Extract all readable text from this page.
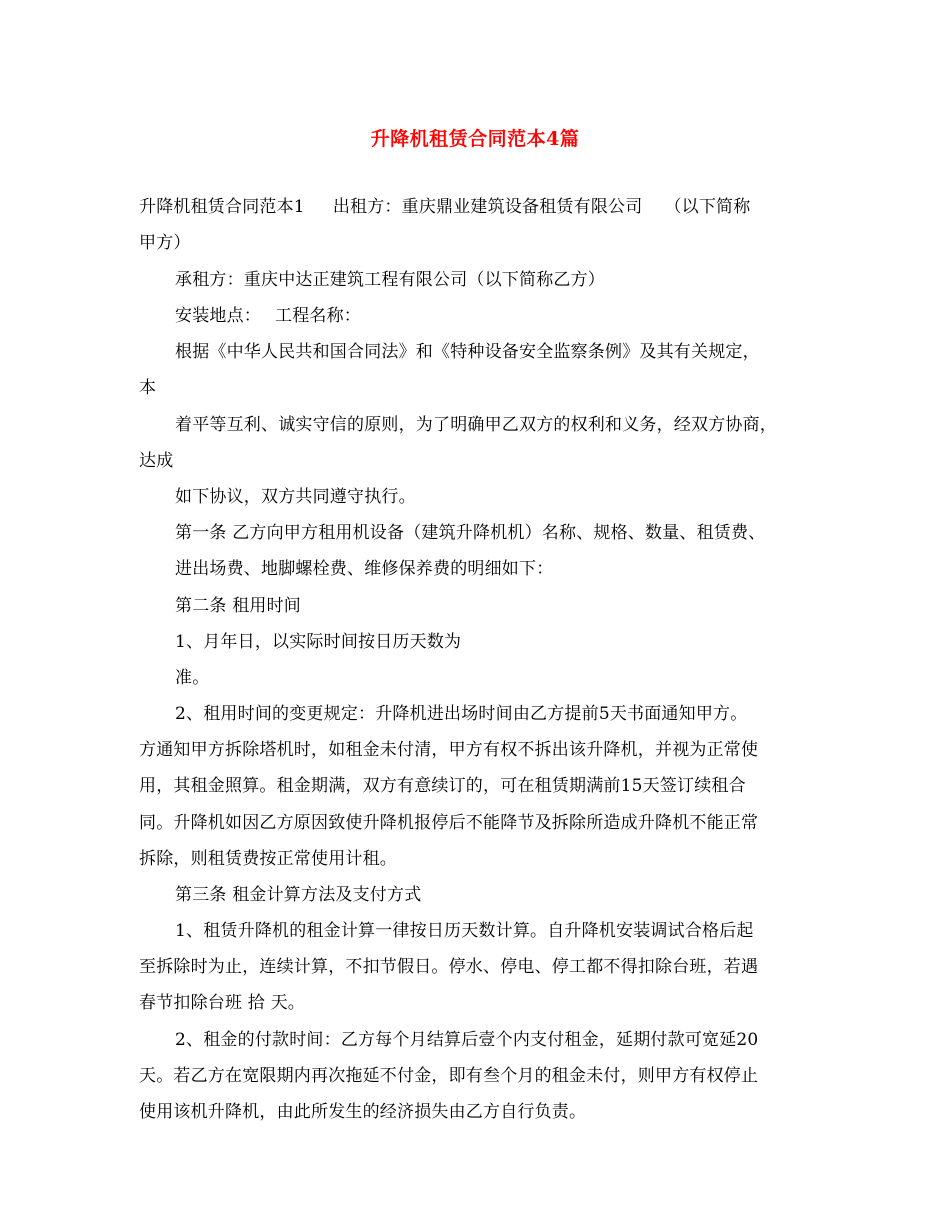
升降机租赁合同范本4篇
升降机租赁合同范本1 出租方：重庆鼎业建筑设备租赁有限公司 （以下简称
甲方）
承租方：重庆中达正建筑工程有限公司（以下简称乙方）
安装地点： 工程名称：
根据《中华人民共和国合同法》和《特种设备安全监察条例》及其有关规定，
本
着平等互利、诚实守信的原则，为了明确甲乙双方的权利和义务，经双方协商，
达成
如下协议，双方共同遵守执行。
第一条 乙方向甲方租用机设备（建筑升降机机）名称、规格、数量、租赁费、
进出场费、地脚螺栓费、维修保养费的明细如下：
第二条 租用时间
1、月年日，以实际时间按日历天数为
准。
2、租用时间的变更规定：升降机进出场时间由乙方提前5天书面通知甲方。
方通知甲方拆除塔机时，如租金未付清，甲方有权不拆出该升降机，并视为正常使
用，其租金照算。租金期满，双方有意续订的，可在租赁期满前15天签订续租合
同。升降机如因乙方原因致使升降机报停后不能降节及拆除所造成升降机不能正常
拆除，则租赁费按正常使用计租。
第三条 租金计算方法及支付方式
1、租赁升降机的租金计算一律按日历天数计算。自升降机安装调试合格后起
至拆除时为止，连续计算，不扣节假日。停水、停电、停工都不得扣除台班，若遇
春节扣除台班 拾 天。
2、租金的付款时间：乙方每个月结算后壹个内支付租金，延期付款可宽延20
天。若乙方在宽限期内再次拖延不付金，即有叁个月的租金未付，则甲方有权停止
使用该机升降机，由此所发生的经济损失由乙方自行负责。
